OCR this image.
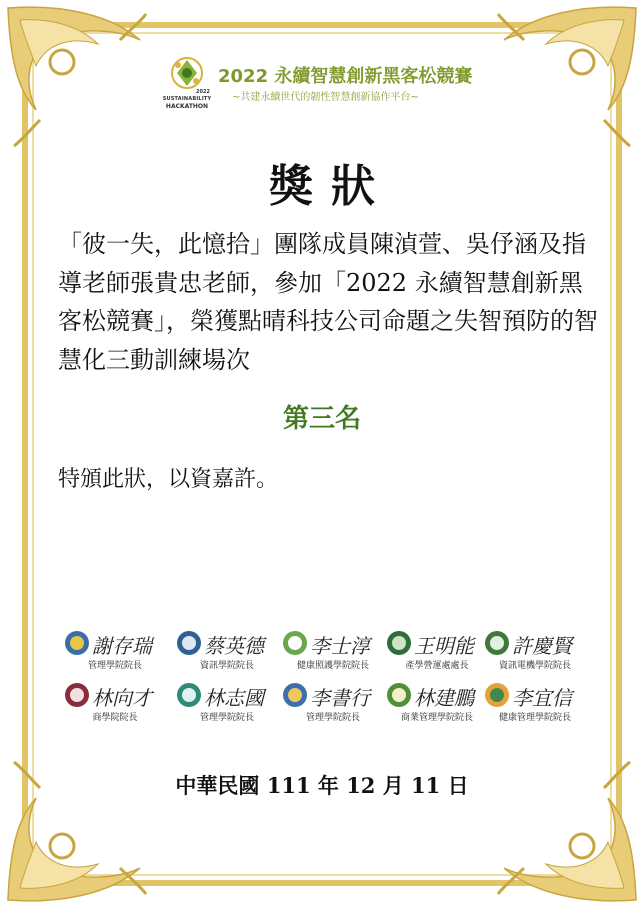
2022
SUSTAINABILITY
HACKATHON
2022 永續智慧創新黑客松競賽
~共建永續世代的韌性智慧創新協作平台~
獎狀
「彼一失，此憶拾」團隊成員陳湞萱、吳伃涵及指導老師張貴忠老師，參加「2022 永續智慧創新黑客松競賽」，榮獲點晴科技公司命題之失智預防的智慧化三動訓練場次
第三名
特頒此狀，以資嘉許。
謝存瑞
管理學院院長
蔡英德
資訊學院院長
李士淳
健康照護學院院長
王明能
產學營運處處長
許慶賢
資訊電機學院院長
林向才
商學院院長
林志國
管理學院院長
李書行
管理學院院長
林建鵬
商業管理學院院長
李宜信
健康管理學院院長
中華民國 111 年 12 月 11 日
